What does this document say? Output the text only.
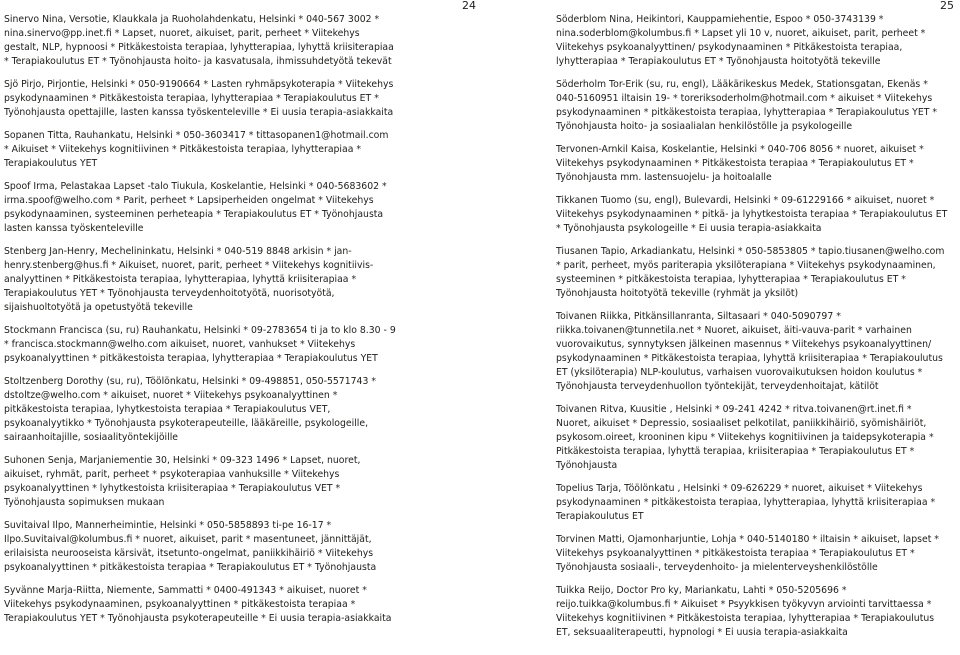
24	25

Sinervo Nina, Versotie, Klaukkala ja Ruoholahdenkatu, Helsinki * 040-567 3002 * nina.sinervo@pp.inet.fi * Lapset, nuoret, aikuiset, parit, perheet * Viitekehys gestalt, NLP, hypnoosi * Pitkäkestoista terapiaa, lyhytterapiaa, lyhyttä kriisiterapiaa * Terapiakoulutus ET * Työnohjausta hoito- ja kasvatusala, ihmissuhdetyötä tekevät

Sjö Pirjo, Pirjontie, Helsinki * 050-9190664 * Lasten ryhmäpsykoterapia * Viitekehys psykodynaaminen * Pitkäkestoista terapiaa, lyhytterapiaa * Terapiakoulutus ET * Työnohjausta opettajille, lasten kanssa työskenteleville * Ei uusia terapia-asiakkaita

Sopanen Titta, Rauhankatu, Helsinki * 050-3603417 * tittasopanen1@hotmail.com * Aikuiset * Viitekehys kognitiivinen * Pitkäkestoista terapiaa, lyhytterapiaa * Terapiakoulutus YET

Spoof Irma, Pelastakaa Lapset -talo Tiukula, Koskelantie, Helsinki * 040-5683602 * irma.spoof@welho.com * Parit, perheet * Lapsiperheiden ongelmat * Viitekehys psykodynaaminen, systeeminen perheteapia * Terapiakoulutus ET * Työnohjausta lasten kanssa työskenteleville

Stenberg Jan-Henry, Mechelininkatu, Helsinki * 040-519 8848 arkisin * jan-henry.stenberg@hus.fi * Aikuiset, nuoret, parit, perheet * Viitekehys kognitiivis-analyyttinen * Pitkäkestoista terapiaa, lyhytterapiaa, lyhyttä kriisiterapiaa * Terapiakoulutus YET * Työnohjausta terveydenhoitotyötä, nuorisotyötä, sijaishuoltotyötä ja opetustyötä tekeville

Stockmann Francisca (su, ru) Rauhankatu, Helsinki * 09-2783654 ti ja to klo 8.30 - 9 * francisca.stockmann@welho.com aikuiset, nuoret, vanhukset * Viitekehys psykoanalyyttinen * pitkäkestoista terapiaa, lyhytterapiaa * Terapiakoulutus YET

Stoltzenberg Dorothy (su, ru), Töölönkatu, Helsinki * 09-498851, 050-5571743 * dstoltze@welho.com * aikuiset, nuoret * Viitekehys psykoanalyyttinen * pitkäkestoista terapiaa, lyhytkestoista terapiaa * Terapiakoulutus VET, psykoanalyytikko * Työnohjausta psykoterapeuteille, lääkäreille, psykologeille, sairaanhoitajille, sosiaalityöntekijöille

Suhonen Senja, Marjaniementie 30, Helsinki * 09-323 1496 * Lapset, nuoret, aikuiset, ryhmät, parit, perheet * psykoterapiaa vanhuksille * Viitekehys psykoanalyyttinen * lyhytkestoista kriisiterapiaa * Terapiakoulutus VET * Työnohjausta sopimuksen mukaan

Suvitaival Ilpo, Mannerheimintie, Helsinki * 050-5858893 ti-pe 16-17 * Ilpo.Suvitaival@kolumbus.fi * nuoret, aikuiset, parit * masentuneet, jännittäjät, erilaisista neurooseista kärsivät, itsetunto-ongelmat, paniikkihäiriö * Viitekehys psykoanalyyttinen * pitkäkestoista terapiaa * Terapiakoulutus ET * Työnohjausta

Syvänne Marja-Riitta, Niemente, Sammatti * 0400-491343 * aikuiset, nuoret * Viitekehys psykodynaaminen, psykoanalyyttinen * pitkäkestoista terapiaa * Terapiakoulutus YET * Työnohjausta psykoterapeuteille * Ei uusia terapia-asiakkaita

Söderblom Nina, Heikintori, Kauppamiehentie, Espoo * 050-3743139 * nina.soderblom@kolumbus.fi * Lapset yli 10 v, nuoret, aikuiset, parit, perheet * Viitekehys psykoanalyyttinen/ psykodynaaminen * Pitkäkestoista terapiaa, lyhytterapiaa * Terapiakoulutus ET * Työnohjausta hoitotyötä tekeville

Söderholm Tor-Erik (su, ru, engl), Lääkärikeskus Medek, Stationsgatan, Ekenäs * 040-5160951 iltaisin 19- * toreriksoderholm@hotmail.com * aikuiset * Viitekehys psykodynaaminen * pitkäkestoista terapiaa, lyhytterapiaa * Terapiakoulutus YET * Työnohjausta hoito- ja sosiaalialan henkilöstölle ja psykologeille

Tervonen-Arnkil Kaisa, Koskelantie, Helsinki * 040-706 8056 * nuoret, aikuiset * Viitekehys psykodynaaminen * Pitkäkestoista terapiaa * Terapiakoulutus ET * Työnohjausta mm. lastensuojelu- ja hoitoalalle

Tikkanen Tuomo (su, engl), Bulevardi, Helsinki * 09-61229166 * aikuiset, nuoret * Viitekehys psykodynaaminen * pitkä- ja lyhytkestoista terapiaa * Terapiakoulutus ET * Työnohjausta psykologeille * Ei uusia terapia-asiakkaita

Tiusanen Tapio, Arkadiankatu, Helsinki * 050-5853805 * tapio.tiusanen@welho.com * parit, perheet, myös pariterapia yksilöterapiana * Viitekehys psykodynaaminen, systeeminen * pitkäkestoista terapiaa, lyhytterapiaa * Terapiakoulutus ET * Työnohjausta hoitotyötä tekeville (ryhmät ja yksilöt)

Toivanen Riikka, Pitkänsillanranta, Siltasaari * 040-5090797 * riikka.toivanen@tunnetila.net * Nuoret, aikuiset, äiti-vauva-parit * varhainen vuorovaikutus, synnytyksen jälkeinen masennus * Viitekehys psykoanalyyttinen/ psykodynaaminen * Pitkäkestoista terapiaa, lyhyttä kriisiterapiaa * Terapiakoulutus ET (yksilöterapia) NLP-koulutus, varhaisen vuorovaikutuksen hoidon koulutus * Työnohjausta terveydenhuollon työntekijät, terveydenhoitajat, kätilöt

Toivanen Ritva, Kuusitie , Helsinki * 09-241 4242 * ritva.toivanen@rt.inet.fi * Nuoret, aikuiset * Depressio, sosiaaliset pelkotilat, paniikkihäiriö, syömishäiriöt, psykosom.oireet, krooninen kipu * Viitekehys kognitiivinen ja taidepsykoterapia * Pitkäkestoista terapiaa, lyhyttä terapiaa, kriisiterapiaa * Terapiakoulutus ET * Työnohjausta

Topelius Tarja, Töölönkatu , Helsinki * 09-626229 * nuoret, aikuiset * Viitekehys psykodynaaminen * pitkäkestoista terapiaa, lyhytterapiaa, lyhyttä kriisiterapiaa * Terapiakoulutus ET

Torvinen Matti, Ojamonharjuntie, Lohja * 040-5140180 * iltaisin * aikuiset, lapset * Viitekehys psykoanalyyttinen * pitkäkestoista terapiaa * Terapiakoulutus ET * Työnohjausta sosiaali-, terveydenhoito- ja mielenterveyshenkilöstölle

Tuikka Reijo, Doctor Pro ky, Mariankatu, Lahti * 050-5205696 * reijo.tuikka@kolumbus.fi * Aikuiset * Psyykkisen työkyvyn arviointi tarvittaessa * Viitekehys kognitiivinen * Pitkäkestoista terapiaa, lyhytterapiaa * Terapiakoulutus ET, seksuaaliterapeutti, hypnologi * Ei uusia terapia-asiakkaita
